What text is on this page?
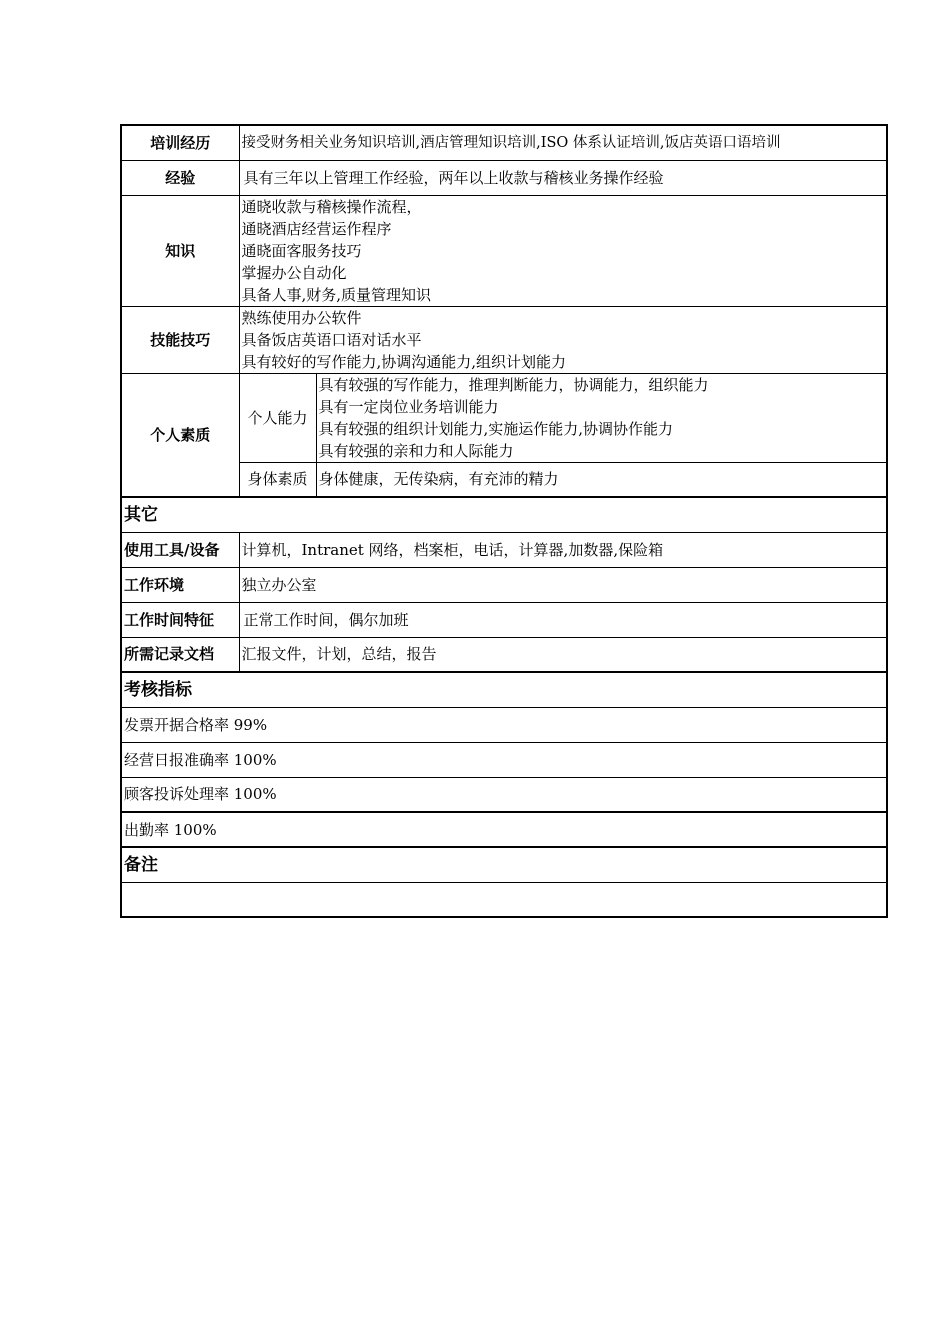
培训经历	接受财务相关业务知识培训,酒店管理知识培训,ISO 体系认证培训,饭店英语口语培训	
经验	具有三年以上管理工作经验，两年以上收款与稽核业务操作经验	
知识	通晓收款与稽核操作流程，
通晓酒店经营运作程序
通晓面客服务技巧
掌握办公自动化
具备人事,财务,质量管理知识	

技能技巧	熟练使用办公软件
具备饭店英语口语对话水平
具有较好的写作能力,协调沟通能力,组织计划能力	

个人素质	个人能力	具有较强的写作能力，推理判断能力，协调能力，组织能力
具有一定岗位业务培训能力
具有较强的组织计划能力,实施运作能力,协调协作能力
具有较强的亲和力和人际能力

	身体素质	身体健康，无传染病，有充沛的精力
其它		
使用工具/设备	计算机，Intranet 网络，档案柜，电话，计算器,加数器,保险箱	
工作环境	独立办公室	
工作时间特征	正常工作时间，偶尔加班	
所需记录文档	汇报文件，计划，总结，报告	
考核指标		
发票开据合格率 99%		
经营日报准确率 100%		
顾客投诉处理率 100%		
出勤率 100%		
备注		
